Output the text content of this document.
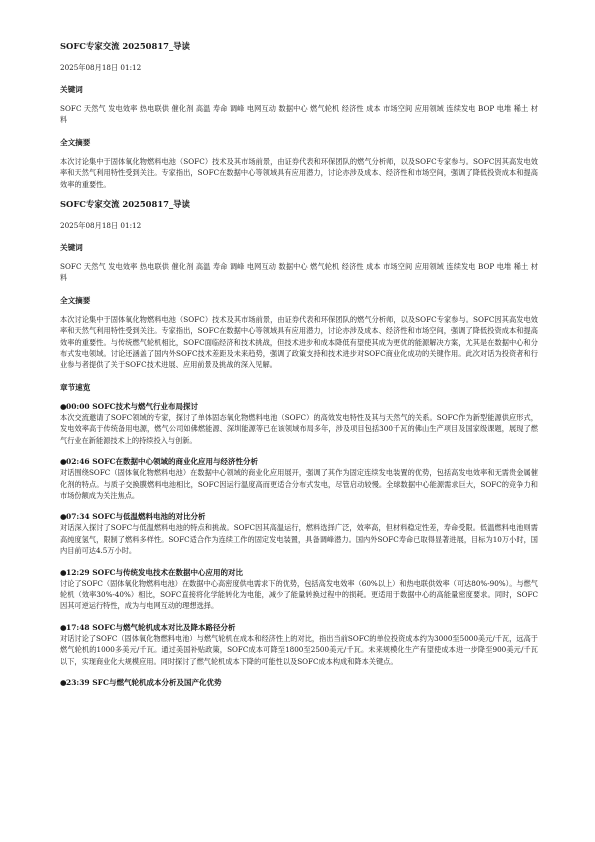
SOFC专家交流 20250817_导读
2025年08月18日 01:12
关键词
SOFC 天然气 发电效率 热电联供 催化剂 高温 寿命 调峰 电网互动 数据中心 燃气轮机 经济性 成本 市场空间 应用领域 连续发电 BOP 电堆 稀土 材料
全文摘要
本次讨论集中于固体氧化物燃料电池（SOFC）技术及其市场前景，由证券代表和环保团队的燃气分析师，以及SOFC专家参与。SOFC因其高发电效率和天然气利用特性受到关注。专家指出，SOFC在数据中心等领域具有应用潜力，讨论亦涉及成本、经济性和市场空间，强调了降低投资成本和提高效率的重要性。
SOFC专家交流 20250817_导读
2025年08月18日 01:12
关键词
SOFC 天然气 发电效率 热电联供 催化剂 高温 寿命 调峰 电网互动 数据中心 燃气轮机 经济性 成本 市场空间 应用领域 连续发电 BOP 电堆 稀土 材料
全文摘要
本次讨论集中于固体氧化物燃料电池（SOFC）技术及其市场前景，由证券代表和环保团队的燃气分析师，以及SOFC专家参与。SOFC因其高发电效率和天然气利用特性受到关注。专家指出，SOFC在数据中心等领域具有应用潜力，讨论亦涉及成本、经济性和市场空间，强调了降低投资成本和提高效率的重要性。与传统燃气轮机相比，SOFC面临经济和技术挑战，但技术进步和成本降低有望使其成为更优的能源解决方案，尤其是在数据中心和分布式发电领域。讨论还涵盖了国内外SOFC技术差距及未来趋势，强调了政策支持和技术进步对SOFC商业化成功的关键作用。此次对话为投资者和行业参与者提供了关于SOFC技术进展、应用前景及挑战的深入见解。
章节速览
●00:00 SOFC技术与燃气行业布局探讨

本次交流邀请了SOFC领域的专家，探讨了单体固态氧化物燃料电池（SOFC）的高效发电特性及其与天然气的关系。SOFC作为新型能源供应形式，发电效率高于传统备用电源，燃气公司如佛燃能源、深圳能源等已在该领域布局多年，涉及项目包括300千瓦的佛山生产项目及国家级课题，展现了燃气行业在新能源技术上的持续投入与创新。

●02:46 SOFC在数据中心领域的商业化应用与经济性分析

对话围绕SOFC（固体氧化物燃料电池）在数据中心领域的商业化应用展开，强调了其作为固定连续发电装置的优势，包括高发电效率和无需贵金属催化剂的特点。与质子交换膜燃料电池相比，SOFC因运行温度高而更适合分布式发电，尽管启动较慢。全球数据中心能源需求巨大，SOFC的竞争力和市场份额成为关注焦点。

●07:34 SOFC与低温燃料电池的对比分析

对话深入探讨了SOFC与低温燃料电池的特点和挑战。SOFC因其高温运行，燃料选择广泛，效率高，但材料稳定性差，寿命受限。低温燃料电池则需高纯度氢气，限制了燃料多样性。SOFC适合作为连续工作的固定发电装置，具备调峰潜力。国内外SOFC寿命已取得显著进展，目标为10万小时，国内目前可达4.5万小时。

●12:29 SOFC与传统发电技术在数据中心应用的对比

讨论了SOFC（固体氧化物燃料电池）在数据中心高密度供电需求下的优势，包括高发电效率（60%以上）和热电联供效率（可达80%-90%）。与燃气轮机（效率30%-40%）相比，SOFC直接将化学能转化为电能，减少了能量转换过程中的损耗。更适用于数据中心的高能量密度要求。同时，SOFC因其可逆运行特性，成为与电网互动的理想选择。

●17:48 SOFC与燃气轮机成本对比及降本路径分析

对话讨论了SOFC（固体氧化物燃料电池）与燃气轮机在成本和经济性上的对比，指出当前SOFC的单位投资成本约为3000至5000美元/千瓦，远高于燃气轮机的1000多美元/千瓦。通过美国补贴政策，SOFC成本可降至1800至2500美元/千瓦。未来规模化生产有望使成本进一步降至900美元/千瓦以下，实现商业化大规模应用。同时探讨了燃气轮机成本下降的可能性以及SOFC成本构成和降本关键点。

●23:39 SFC与燃气轮机成本分析及国产化优势
